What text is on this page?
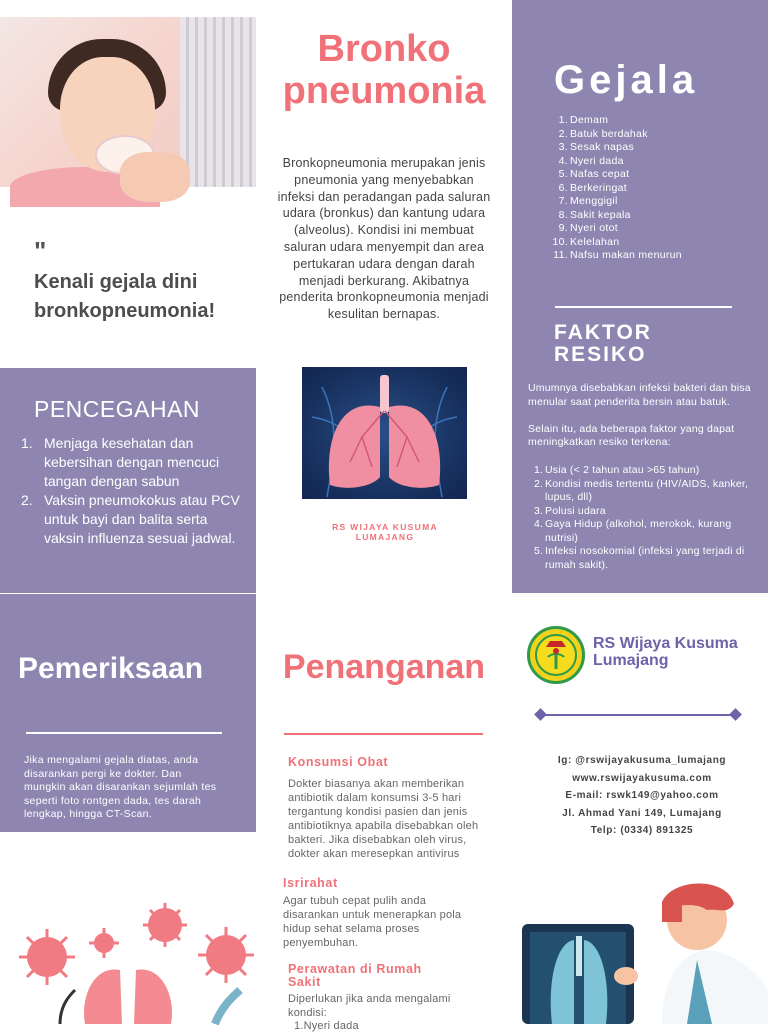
"
Kenali gejala dini bronkopneumonia!
PENCEGAHAN
Menjaga kesehatan dan kebersihan dengan mencuci tangan dengan sabun
Vaksin pneumokokus atau PCV untuk bayi dan balita serta vaksin influenza sesuai jadwal.
Pemeriksaan

Jika mengalami gejala diatas, anda disarankan pergi ke dokter. Dan mungkin akan disarankan sejumlah tes seperti foto rontgen dada, tes darah lengkap, hingga CT-Scan.

Bronko
pneumonia

Bronkopneumonia merupakan jenis pneumonia yang menyebabkan infeksi dan peradangan pada saluran udara (bronkus) dan kantung udara (alveolus). Kondisi ini membuat saluran udara menyempit dan area pertukaran udara dengan darah menjadi berkurang. Akibatnya penderita bronkopneumonia menjadi kesulitan bernapas.

RS WIJAYA KUSUMA
LUMAJANG
Penanganan
Konsumsi Obat

Dokter biasanya akan memberikan antibiotik dalam konsumsi 3-5 hari tergantung kondisi pasien dan jenis antibiotiknya apabila disebabkan oleh bakteri. Jika disebabkan oleh virus, dokter akan meresepkan antivirus

Isrirahat

Agar tubuh cepat pulih anda disarankan untuk menerapkan pola hidup sehat selama proses penyembuhan.

Perawatan di Rumah Sakit

Diperlukan jika anda mengalami kondisi:

1.Nyeri dada

Gejala
Demam
Batuk berdahak
Sesak napas
Nyeri dada
Nafas cepat
Berkeringat
Menggigil
Sakit kepala
Nyeri otot
Kelelahan
Nafsu makan menurun
FAKTOR
RESIKO

Umumnya disebabkan infeksi bakteri dan bisa menular saat penderita bersin atau batuk.

Selain itu, ada beberapa faktor yang dapat meningkatkan resiko terkena:

Usia (< 2 tahun atau >65 tahun)
Kondisi medis tertentu (HIV/AIDS, kanker, lupus, dll)
Polusi udara
Gaya Hidup (alkohol, merokok, kurang nutrisi)
Infeksi nosokomial (infeksi yang terjadi di rumah sakit).
RS Wijaya Kusuma
Lumajang
Ig: @rswijayakusuma_lumajang
www.rswijayakusuma.com
E-mail: rswk149@yahoo.com
Jl. Ahmad Yani 149, Lumajang
Telp: (0334) 891325
